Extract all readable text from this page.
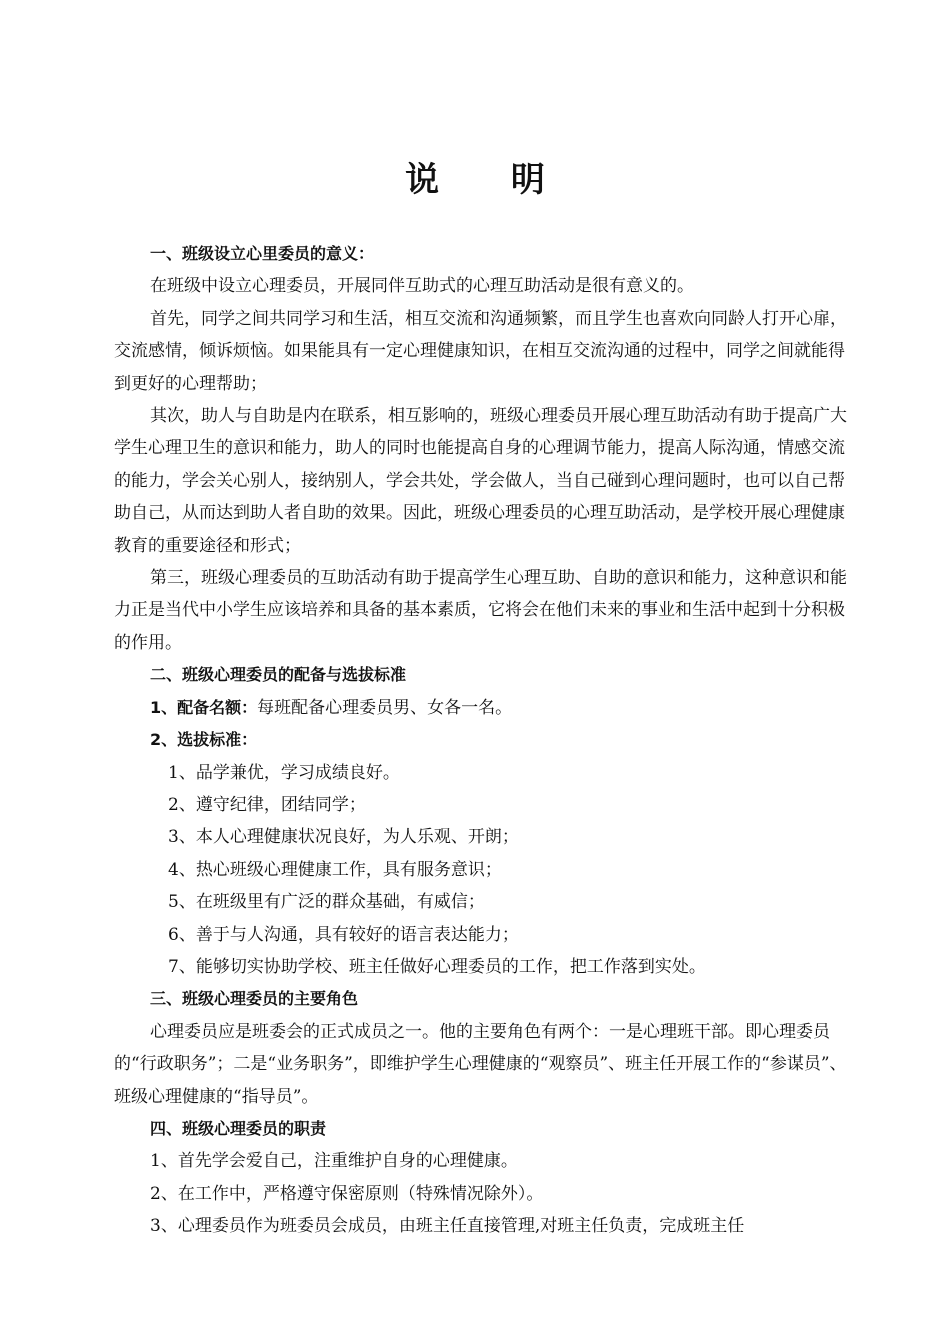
说 明

一、班级设立心里委员的意义：

在班级中设立心理委员，开展同伴互助式的心理互助活动是很有意义的。

首先，同学之间共同学习和生活，相互交流和沟通频繁，而且学生也喜欢向同龄人打开心扉，交流感情，倾诉烦恼。如果能具有一定心理健康知识，在相互交流沟通的过程中，同学之间就能得到更好的心理帮助；

其次，助人与自助是内在联系，相互影响的，班级心理委员开展心理互助活动有助于提高广大学生心理卫生的意识和能力，助人的同时也能提高自身的心理调节能力，提高人际沟通，情感交流的能力，学会关心别人，接纳别人，学会共处，学会做人，当自己碰到心理问题时，也可以自己帮助自己，从而达到助人者自助的效果。因此，班级心理委员的心理互助活动，是学校开展心理健康教育的重要途径和形式；

第三，班级心理委员的互助活动有助于提高学生心理互助、自助的意识和能力，这种意识和能力正是当代中小学生应该培养和具备的基本素质，它将会在他们未来的事业和生活中起到十分积极的作用。

二、班级心理委员的配备与选拔标准

1、配备名额：每班配备心理委员男、女各一名。

2、选拔标准：

1、品学兼优，学习成绩良好。

2、遵守纪律，团结同学；

3、本人心理健康状况良好，为人乐观、开朗；

4、热心班级心理健康工作，具有服务意识；

5、在班级里有广泛的群众基础，有威信；

6、善于与人沟通，具有较好的语言表达能力；

7、能够切实协助学校、班主任做好心理委员的工作，把工作落到实处。

三、班级心理委员的主要角色

心理委员应是班委会的正式成员之一。他的主要角色有两个：一是心理班干部。即心理委员的“行政职务”；二是“业务职务”，即维护学生心理健康的“观察员”、班主任开展工作的“参谋员”、班级心理健康的“指导员”。

四、班级心理委员的职责

1、首先学会爱自己，注重维护自身的心理健康。

2、在工作中，严格遵守保密原则（特殊情况除外）。

3、心理委员作为班委员会成员，由班主任直接管理,对班主任负责，完成班主任
